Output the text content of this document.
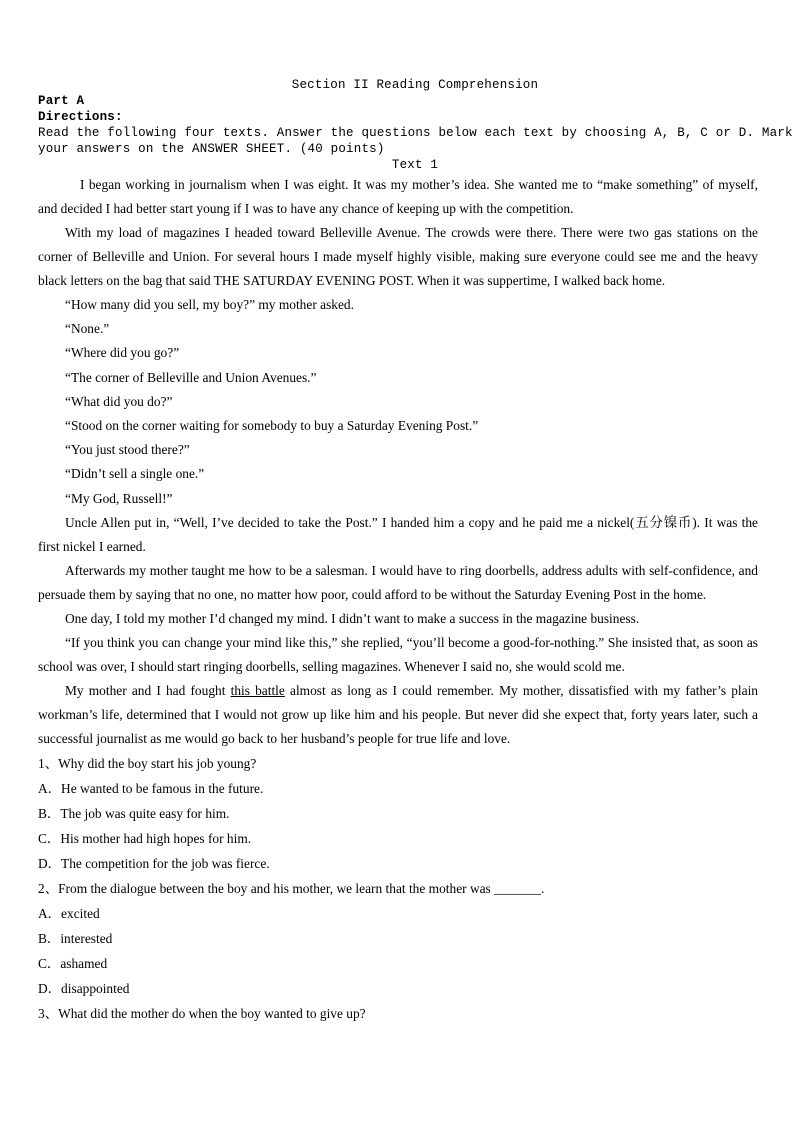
Section II Reading Comprehension
Part A
Directions:
Read the following four texts. Answer the questions below each text by choosing A, B, C or D. Mark
your answers on the ANSWER SHEET. (40 points)
Text 1

I began working in journalism when I was eight. It was my mother’s idea. She wanted me to “make something” of myself, and decided I had better start young if I was to have any chance of keeping up with the competition.

With my load of magazines I headed toward Belleville Avenue. The crowds were there. There were two gas stations on the corner of Belleville and Union. For several hours I made myself highly visible, making sure everyone could see me and the heavy black letters on the bag that said THE SATURDAY EVENING POST. When it was suppertime, I walked back home.

“How many did you sell, my boy?” my mother asked.

“None.”

“Where did you go?”

“The corner of Belleville and Union Avenues.”

“What did you do?”

“Stood on the corner waiting for somebody to buy a Saturday Evening Post.”

“You just stood there?”

“Didn’t sell a single one.”

“My God, Russell!”

Uncle Allen put in, “Well, I’ve decided to take the Post.” I handed him a copy and he paid me a nickel(五分镍币). It was the first nickel I earned.

Afterwards my mother taught me how to be a salesman. I would have to ring doorbells, address adults with self-confidence, and persuade them by saying that no one, no matter how poor, could afford to be without the Saturday Evening Post in the home.

One day, I told my mother I’d changed my mind. I didn’t want to make a success in the magazine business.

“If you think you can change your mind like this,” she replied, “you’ll become a good-for-nothing.” She insisted that, as soon as school was over, I should start ringing doorbells, selling magazines. Whenever I said no, she would scold me.

My mother and I had fought this battle almost as long as I could remember. My mother, dissatisfied with my father’s plain workman’s life, determined that I would not grow up like him and his people. But never did she expect that, forty years later, such a successful journalist as me would go back to her husband’s people for true life and love.

1、Why did the boy start his job young?

A．He wanted to be famous in the future.

B．The job was quite easy for him.

C．His mother had high hopes for him.

D．The competition for the job was fierce.

2、From the dialogue between the boy and his mother, we learn that the mother was _______.

A．excited

B．interested

C．ashamed

D．disappointed

3、What did the mother do when the boy wanted to give up?
